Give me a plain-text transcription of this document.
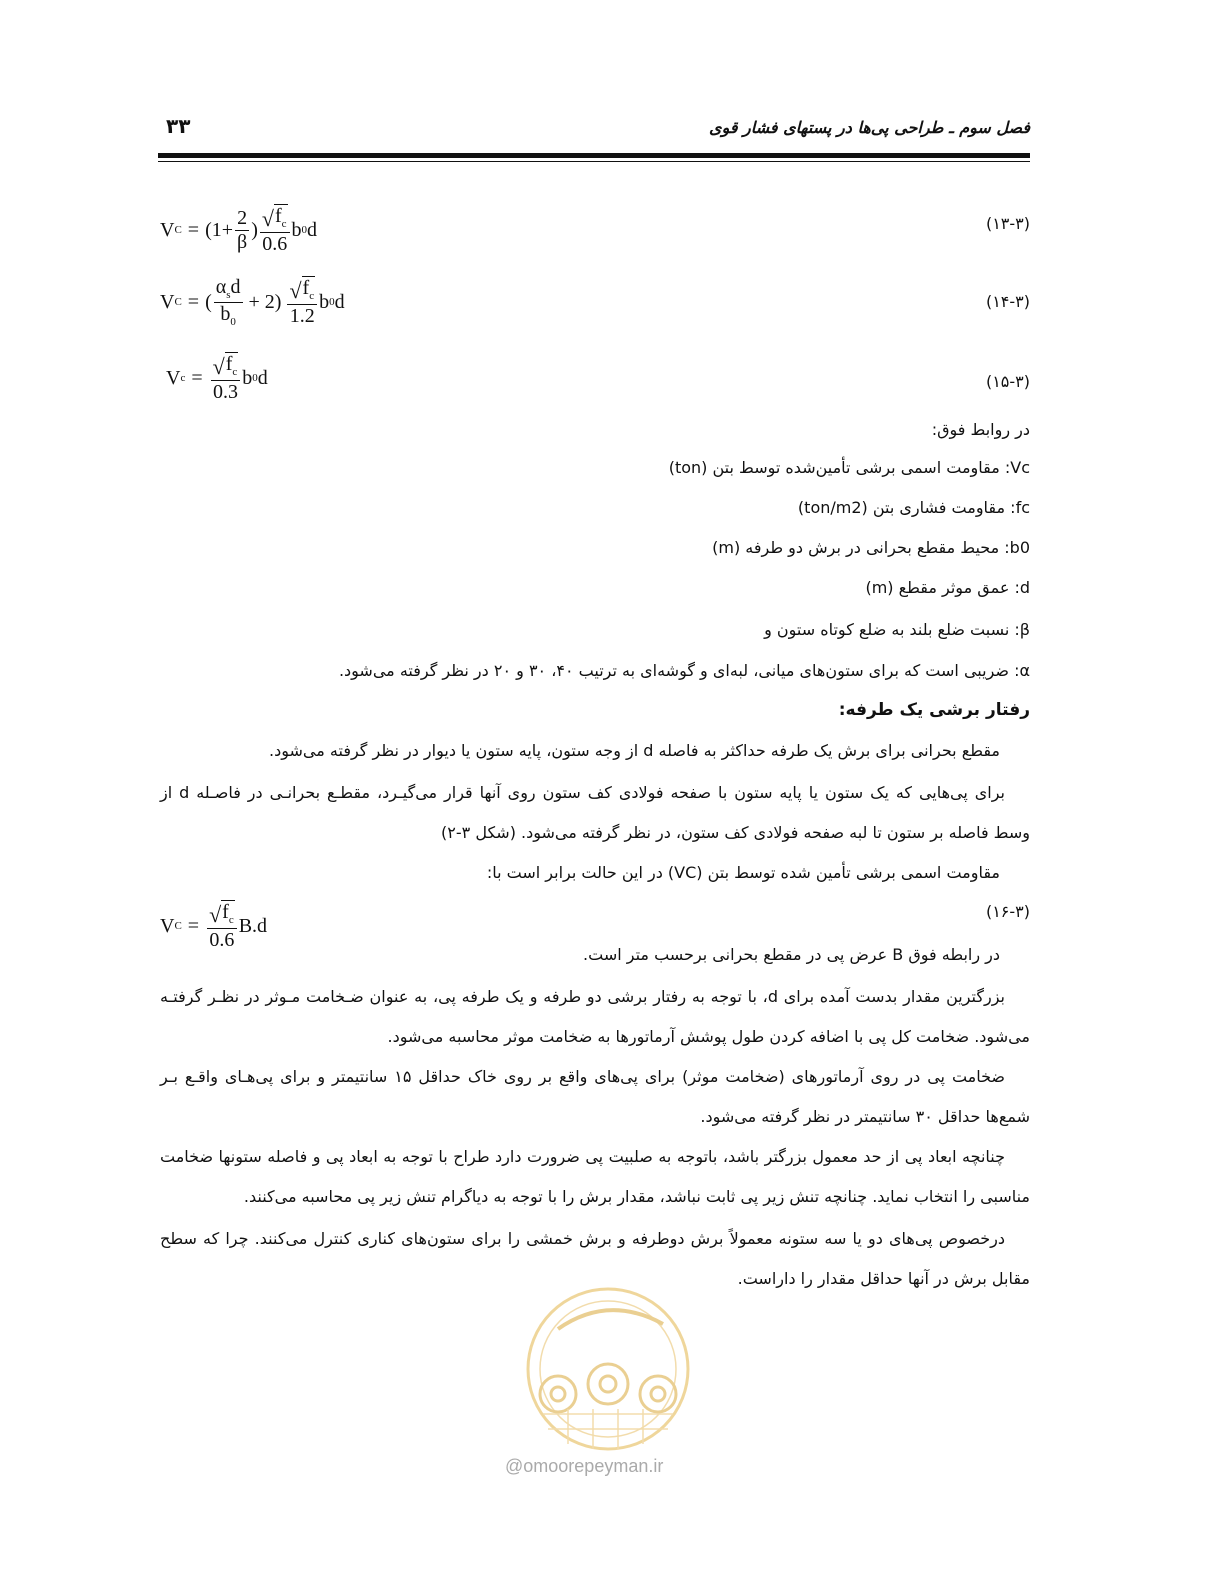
فصل سوم ـ طراحی پی‌ها در پستهای فشار قوی
۳۳
V $C = (1+ \frac{2}{\beta}$ ) $\frac{√ f_c}{0.6}$ b 0 d	(۱۳-۳)
V C = ( $\frac{\alpha_sd}{b_0} + 2) \frac{√ f_c}{1.2}$ b 0 d	(۱۴-۳)
V $c = \frac{√ f_c}{0.3}$ b 0 d	(۱۵-۳)
در روابط فوق:
Vc: مقاومت اسمی برشی تأمین‌شده توسط بتن (ton)
fc: مقاومت فشاری بتن (ton/m2)
b0: محیط مقطع بحرانی در برش دو طرفه (m)
d: عمق موثر مقطع (m)
β: نسبت ضلع بلند به ضلع کوتاه ستون و
α: ضریبی است که برای ستون‌های میانی، لبه‌ای و گوشه‌ای به ترتیب ۴۰، ۳۰ و ۲۰ در نظر گرفته می‌شود.
رفتار برشی یک طرفه:
مقطع بحرانی برای برش یک طرفه حداکثر به فاصله d از وجه ستون، پایه ستون یا دیوار در نظر گرفته می‌شود.
برای پی‌هایی که یک ستون یا پایه ستون با صفحه فولادی کف ستون روی آنها قرار می‌گیـرد، مقطـع بحرانـی در فاصـله d از
وسط فاصله بر ستون تا لبه صفحه فولادی کف ستون، در نظر گرفته می‌شود. (شکل ۳-۲)
مقاومت اسمی برشی تأمین شده توسط بتن (VC) در این حالت برابر است با:
V $C = \frac{√ f_c}{0.6} B.d$
(۱۶-۳)
در رابطه فوق B عرض پی در مقطع بحرانی برحسب متر است.
بزرگترین مقدار بدست آمده برای d، با توجه به رفتار برشی دو طرفه و یک طرفه پی، به عنوان ضـخامت مـوثر در نظـر گرفتـه
می‌شود. ضخامت کل پی با اضافه کردن طول پوشش آرماتورها به ضخامت موثر محاسبه می‌شود.
ضخامت پی در روی آرماتورهای (ضخامت موثر) برای پی‌های واقع بر روی خاک حداقل ۱۵ سانتیمتر و برای پی‌هـای واقـع بـر
شمع‌ها حداقل ۳۰ سانتیمتر در نظر گرفته می‌شود.
چنانچه ابعاد پی از حد معمول بزرگتر باشد، باتوجه به صلبیت پی ضرورت دارد طراح با توجه به ابعاد پی و فاصله ستونها ضخامت
مناسبی را انتخاب نماید. چنانچه تنش زیر پی ثابت نباشد، مقدار برش را با توجه به دیاگرام تنش زیر پی محاسبه می‌کنند.
درخصوص پی‌های دو یا سه ستونه معمولاً برش دوطرفه و برش خمشی را برای ستون‌های کناری کنترل می‌کنند. چرا که سطح
مقابل برش در آنها حداقل مقدار را داراست.
@omoorepeyman.ir
